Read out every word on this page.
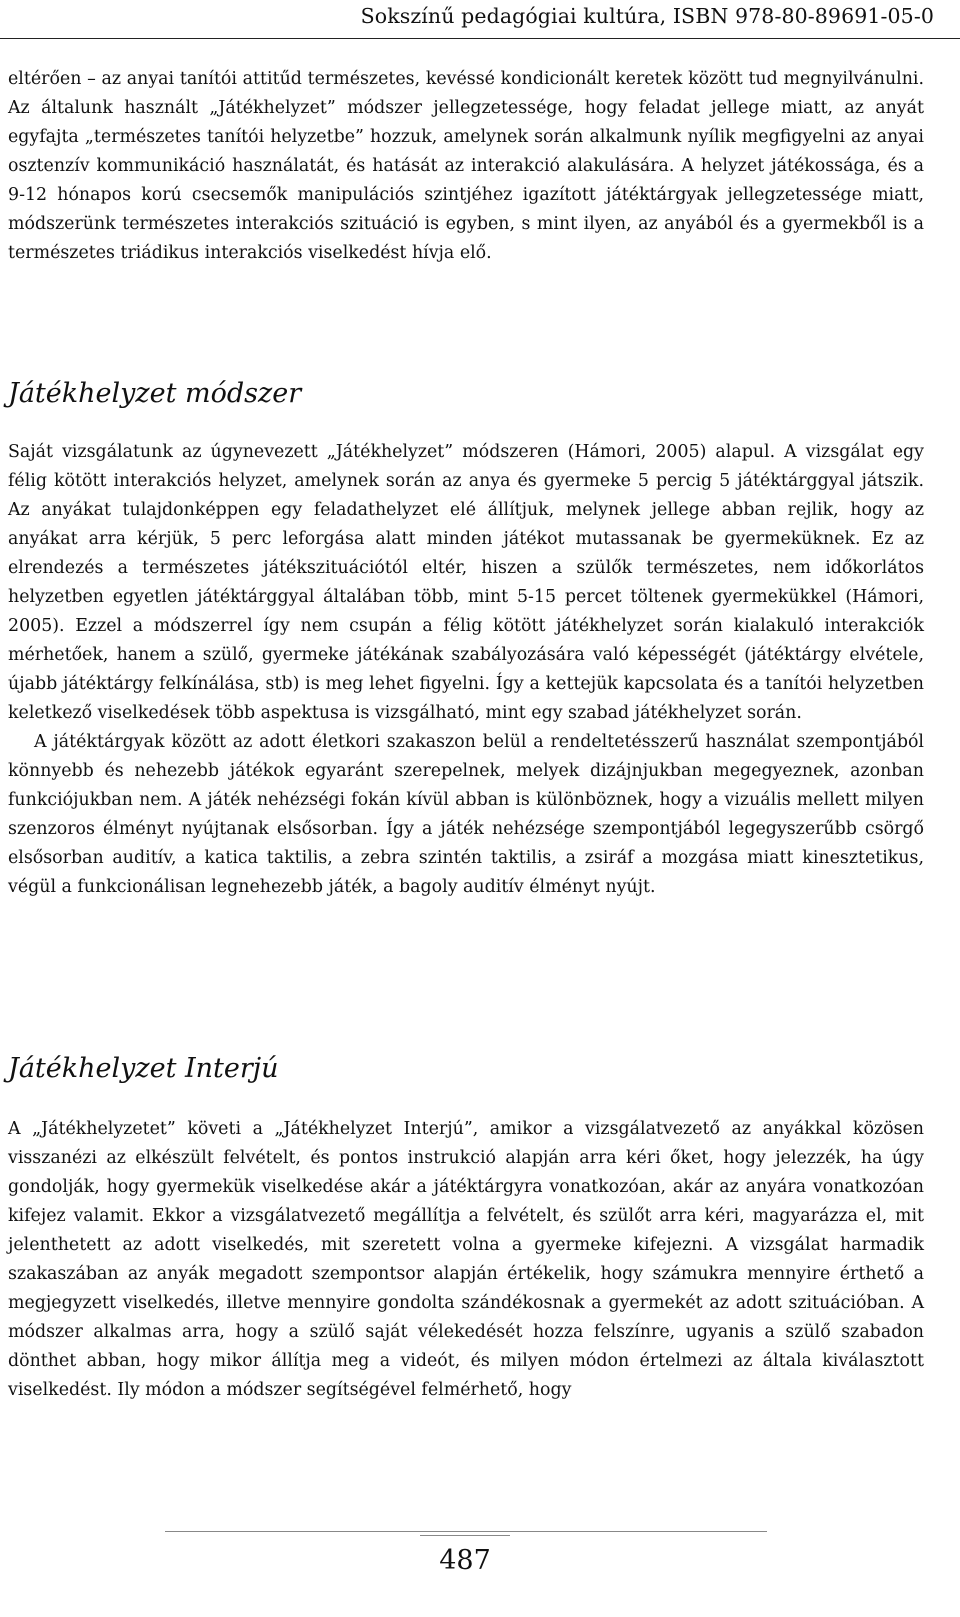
Sokszínű pedagógiai kultúra, ISBN 978-80-89691-05-0

eltérően – az anyai tanítói attitűd természetes, kevéssé kondicionált keretek között tud megnyilvánulni. Az általunk használt „Játékhelyzet” módszer jellegzetessége, hogy feladat jellege miatt, az anyát egyfajta „természetes tanítói helyzetbe” hozzuk, amelynek során alkalmunk nyílik megfigyelni az anyai osztenzív kommunikáció használatát, és hatását az interakció alakulására. A helyzet játékossága, és a 9-12 hónapos korú csecsemők manipulációs szintjéhez igazított játéktárgyak jellegzetessége miatt, módszerünk természetes interakciós szituáció is egyben, s mint ilyen, az anyából és a gyermekből is a természetes triádikus interakciós viselkedést hívja elő.

Játékhelyzet módszer

Saját vizsgálatunk az úgynevezett „Játékhelyzet” módszeren (Hámori, 2005) alapul. A vizsgálat egy félig kötött interakciós helyzet, amelynek során az anya és gyermeke 5 percig 5 játéktárggyal játszik. Az anyákat tulajdonképpen egy feladathelyzet elé állítjuk, melynek jellege abban rejlik, hogy az anyákat arra kérjük, 5 perc leforgása alatt minden játékot mutassanak be gyermeküknek. Ez az elrendezés a természetes játékszituációtól eltér, hiszen a szülők természetes, nem időkorlátos helyzetben egyetlen játéktárggyal általában több, mint 5-15 percet töltenek gyermekükkel (Hámori, 2005). Ezzel a módszerrel így nem csupán a félig kötött játékhelyzet során kialakuló interakciók mérhetőek, hanem a szülő, gyermeke játékának szabályozására való képességét (játéktárgy elvétele, újabb játéktárgy felkínálása, stb) is meg lehet figyelni. Így a kettejük kapcsolata és a tanítói helyzetben keletkező viselkedések több aspektusa is vizsgálható, mint egy szabad játékhelyzet során.

A játéktárgyak között az adott életkori szakaszon belül a rendeltetésszerű használat szempontjából könnyebb és nehezebb játékok egyaránt szerepelnek, melyek dizájnjukban megegyeznek, azonban funkciójukban nem. A játék nehézségi fokán kívül abban is különböznek, hogy a vizuális mellett milyen szenzoros élményt nyújtanak elsősorban. Így a játék nehézsége szempontjából legegyszerűbb csörgő elsősorban auditív, a katica taktilis, a zebra szintén taktilis, a zsiráf a mozgása miatt kinesztetikus, végül a funkcionálisan legnehezebb játék, a bagoly auditív élményt nyújt.

Játékhelyzet Interjú

A „Játékhelyzetet” követi a „Játékhelyzet Interjú”, amikor a vizsgálatvezető az anyákkal közösen visszanézi az elkészült felvételt, és pontos instrukció alapján arra kéri őket, hogy jelezzék, ha úgy gondolják, hogy gyermekük viselkedése akár a játéktárgyra vonatkozóan, akár az anyára vonatkozóan kifejez valamit. Ekkor a vizsgálatvezető megállítja a felvételt, és szülőt arra kéri, magyarázza el, mit jelenthetett az adott viselkedés, mit szeretett volna a gyermeke kifejezni. A vizsgálat harmadik szakaszában az anyák megadott szempontsor alapján értékelik, hogy számukra mennyire érthető a megjegyzett viselkedés, illetve mennyire gondolta szándékosnak a gyermekét az adott szituációban. A módszer alkalmas arra, hogy a szülő saját vélekedését hozza felszínre, ugyanis a szülő szabadon dönthet abban, hogy mikor állítja meg a videót, és milyen módon értelmezi az általa kiválasztott viselkedést. Ily módon a módszer segítségével felmérhető, hogy

487
